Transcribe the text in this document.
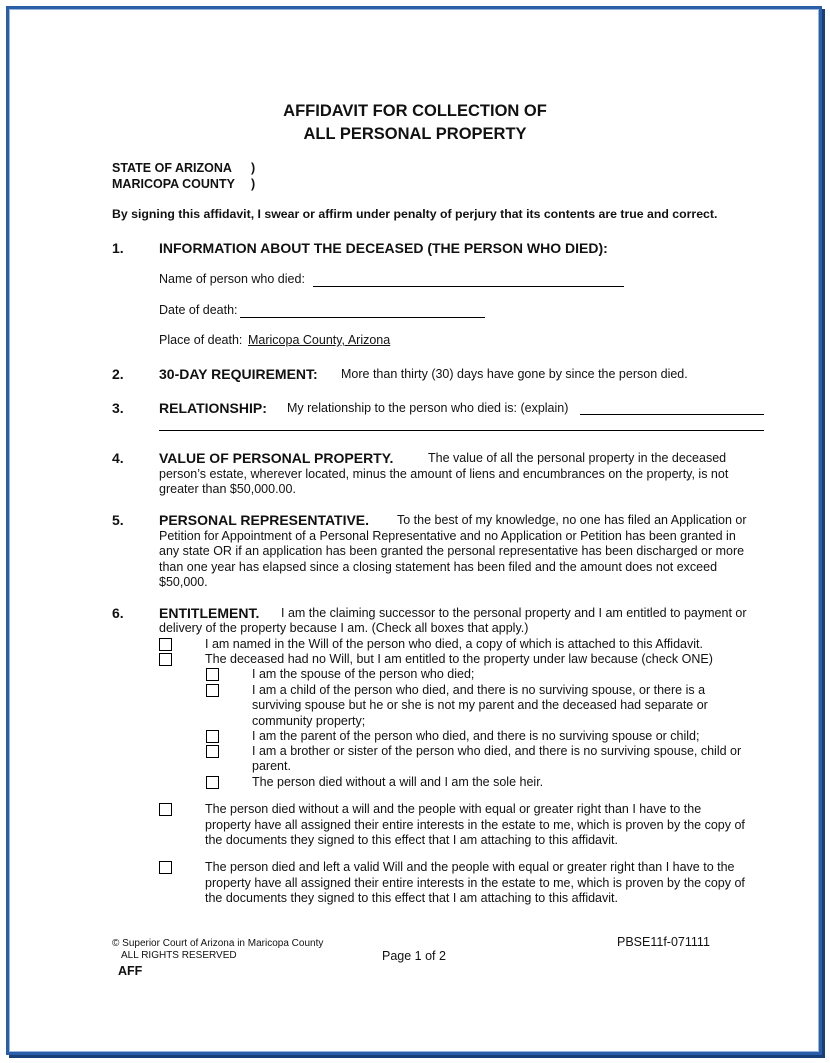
AFFIDAVIT FOR COLLECTION OF
ALL PERSONAL PROPERTY
STATE OF ARIZONA )
MARICOPA COUNTY )
By signing this affidavit, I swear or affirm under penalty of perjury that its contents are true and correct.
1.	INFORMATION ABOUT THE DECEASED (THE PERSON WHO DIED):
Name of person who died:
Date of death:
Place of death: Maricopa County, Arizona
2.	30-DAY REQUIREMENT: More than thirty (30) days have gone by since the person died.
3.	RELATIONSHIP: My relationship to the person who died is: (explain)
4.	VALUE OF PERSONAL PROPERTY.	The value of all the personal property in the deceased
person’s estate, wherever located, minus the amount of liens and encumbrances on the property, is not
greater than $50,000.00.
5.	PERSONAL REPRESENTATIVE. To the best of my knowledge, no one has filed an Application or
Petition for Appointment of a Personal Representative and no Application or Petition has been granted in
any state OR if an application has been granted the personal representative has been discharged or more
than one year has elapsed since a closing statement has been filed and the amount does not exceed
$50,000.
6.	ENTITLEMENT. I am the claiming successor to the personal property and I am entitled to payment or
delivery of the property because I am. (Check all boxes that apply.)
I am named in the Will of the person who died, a copy of which is attached to this Affidavit.
The deceased had no Will, but I am entitled to the property under law because (check ONE)
I am the spouse of the person who died;
I am a child of the person who died, and there is no surviving spouse, or there is a
surviving spouse but he or she is not my parent and the deceased had separate or
community property;
I am the parent of the person who died, and there is no surviving spouse or child;
I am a brother or sister of the person who died, and there is no surviving spouse, child or
parent.
The person died without a will and I am the sole heir.
The person died without a will and the people with equal or greater right than I have to the
property have all assigned their entire interests in the estate to me, which is proven by the copy of
the documents they signed to this effect that I am attaching to this affidavit.
The person died and left a valid Will and the people with equal or greater right than I have to the
property have all assigned their entire interests in the estate to me, which is proven by the copy of
the documents they signed to this effect that I am attaching to this affidavit.
© Superior Court of Arizona in Maricopa County
ALL RIGHTS RESERVED
AFF
Page 1 of 2
PBSE11f-071111
